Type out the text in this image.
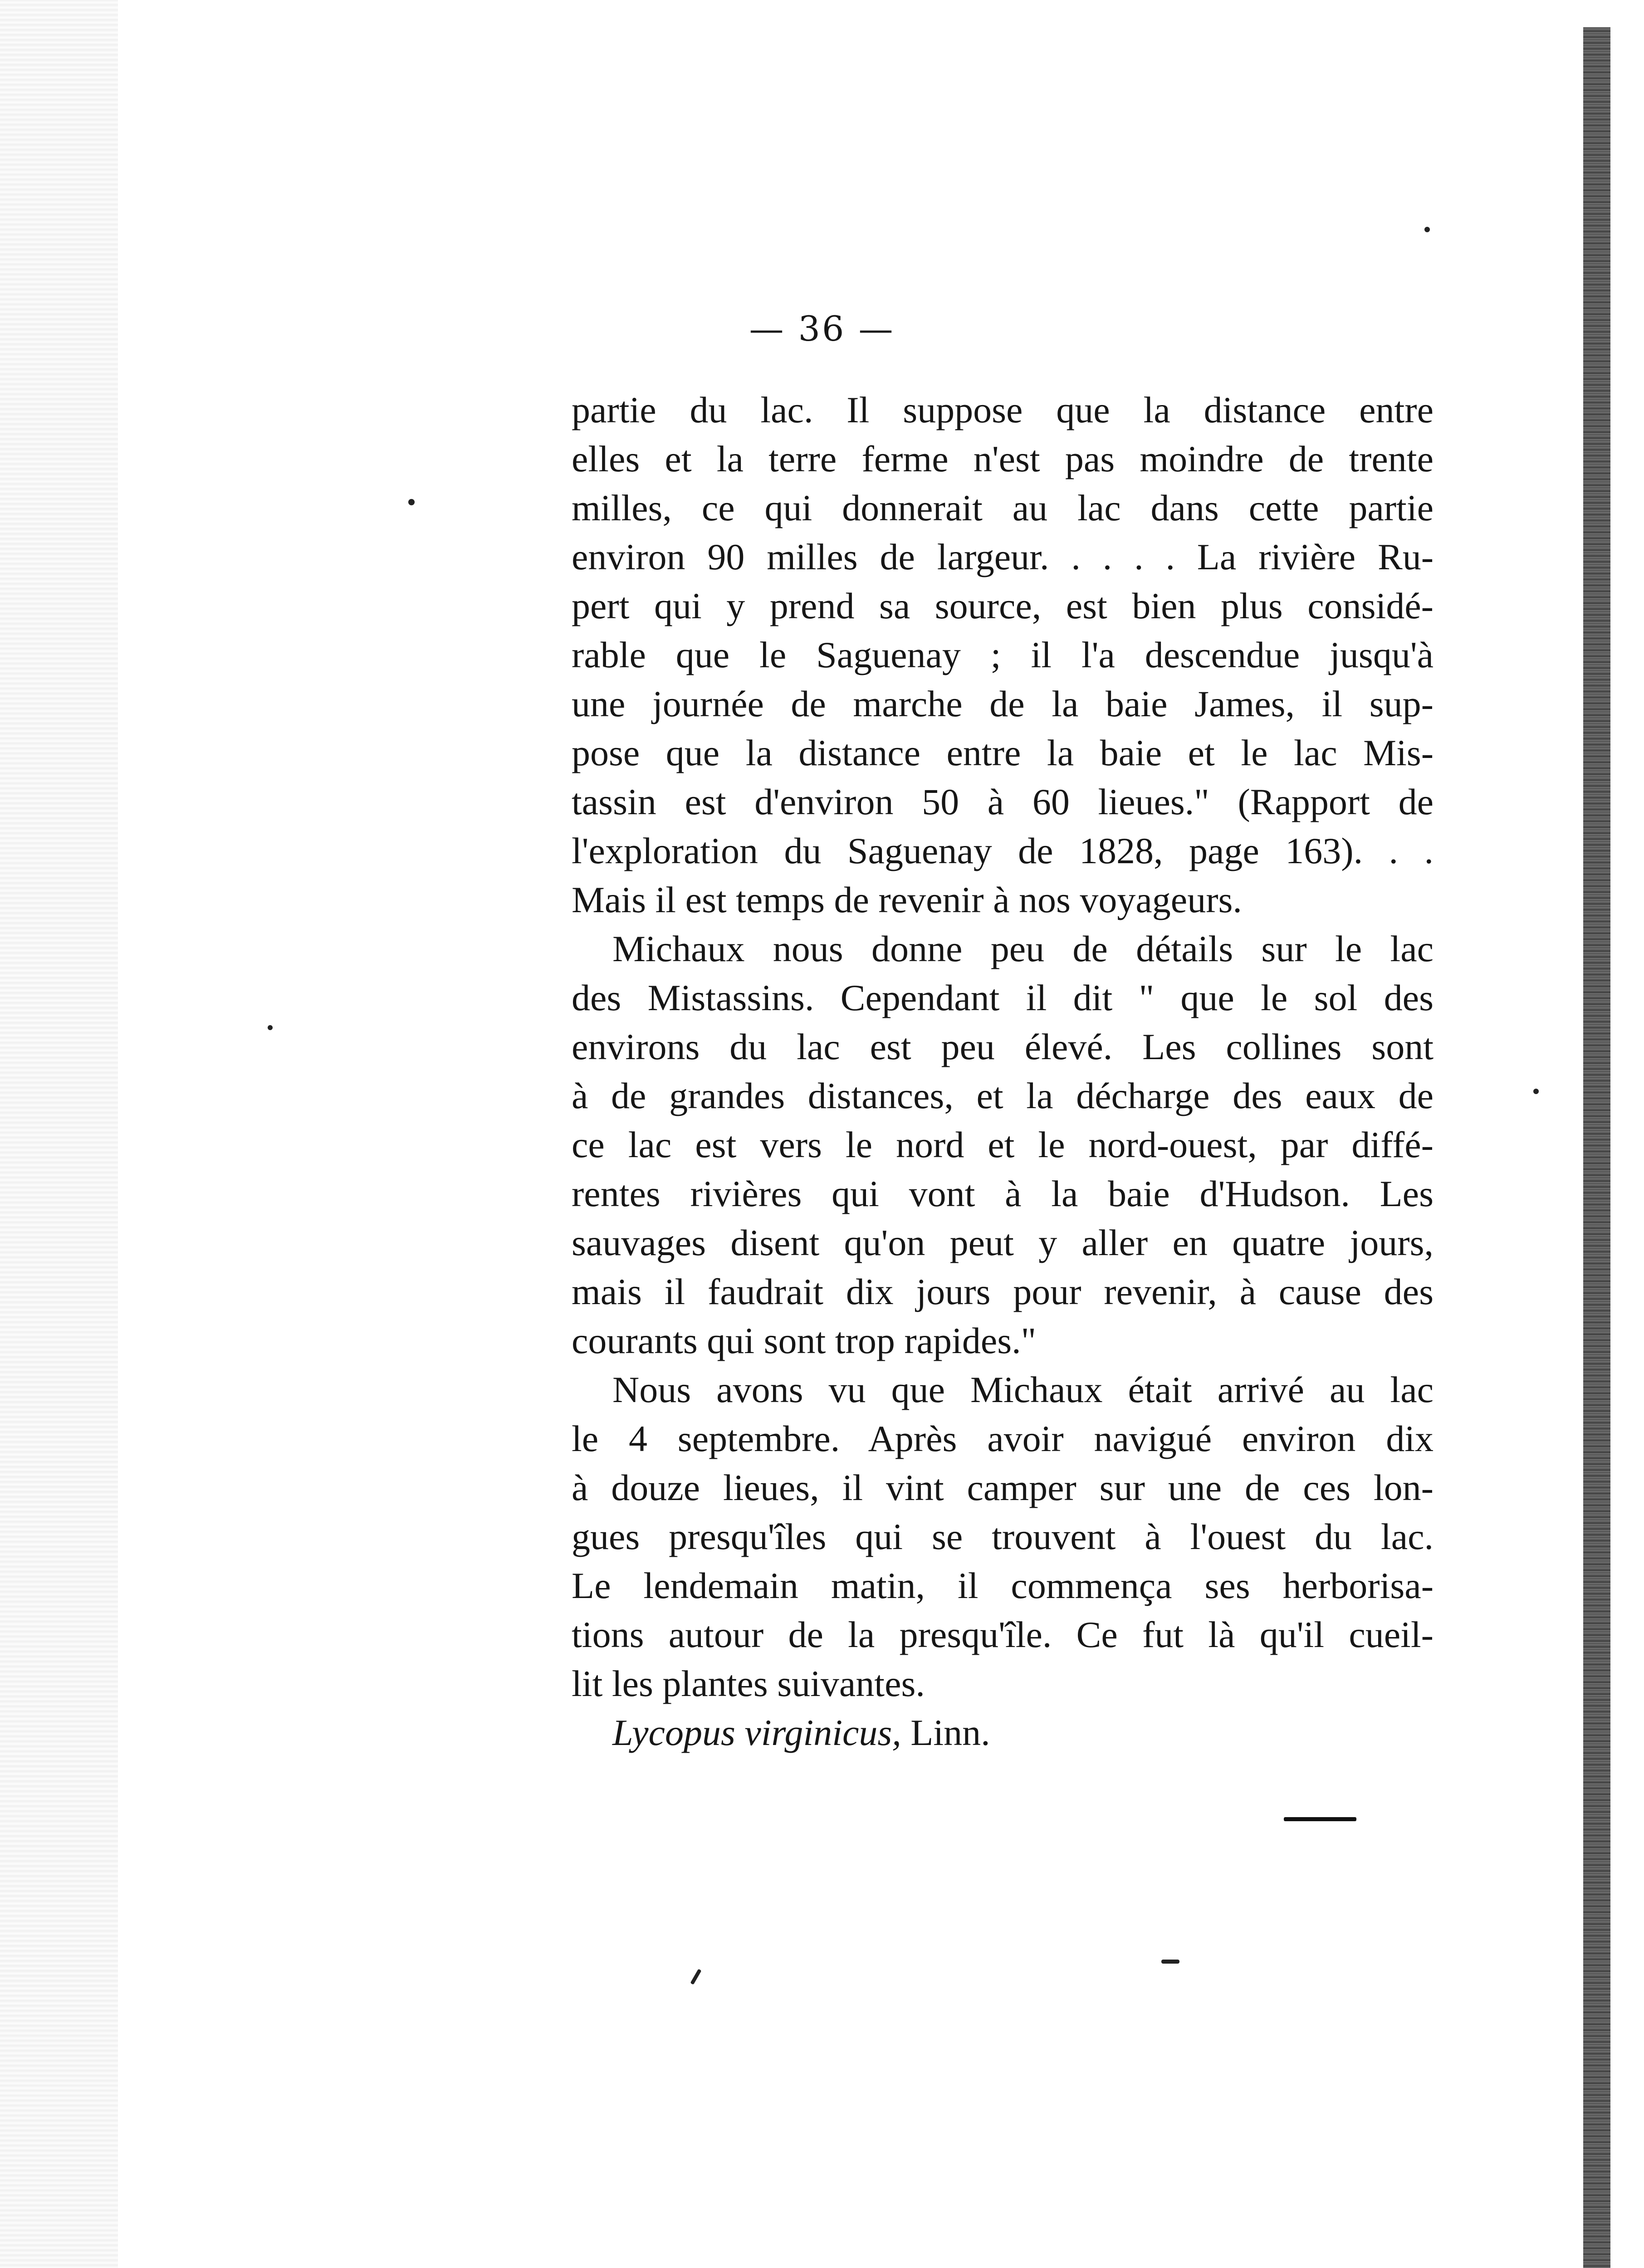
— 36 —
partie du lac. Il suppose que la distance entre
elles et la terre ferme n'est pas moindre de trente
milles, ce qui donnerait au lac dans cette partie
environ 90 milles de largeur. . . . . La rivière Ru-
pert qui y prend sa source, est bien plus considé-
rable que le Saguenay ; il l'a descendue jusqu'à
une journée de marche de la baie James, il sup-
pose que la distance entre la baie et le lac Mis-
tassin est d'environ 50 à 60 lieues." (Rapport de
l'exploration du Saguenay de 1828, page 163). . .
Mais il est temps de revenir à nos voyageurs.
Michaux nous donne peu de détails sur le lac
des Mistassins. Cependant il dit " que le sol des
environs du lac est peu élevé. Les collines sont
à de grandes distances, et la décharge des eaux de
ce lac est vers le nord et le nord-ouest, par diffé-
rentes rivières qui vont à la baie d'Hudson. Les
sauvages disent qu'on peut y aller en quatre jours,
mais il faudrait dix jours pour revenir, à cause des
courants qui sont trop rapides."
Nous avons vu que Michaux était arrivé au lac
le 4 septembre. Après avoir navigué environ dix
à douze lieues, il vint camper sur une de ces lon-
gues presqu'îles qui se trouvent à l'ouest du lac.
Le lendemain matin, il commença ses herborisa-
tions autour de la presqu'île. Ce fut là qu'il cueil-
lit les plantes suivantes.
Lycopus virginicus, Linn.
